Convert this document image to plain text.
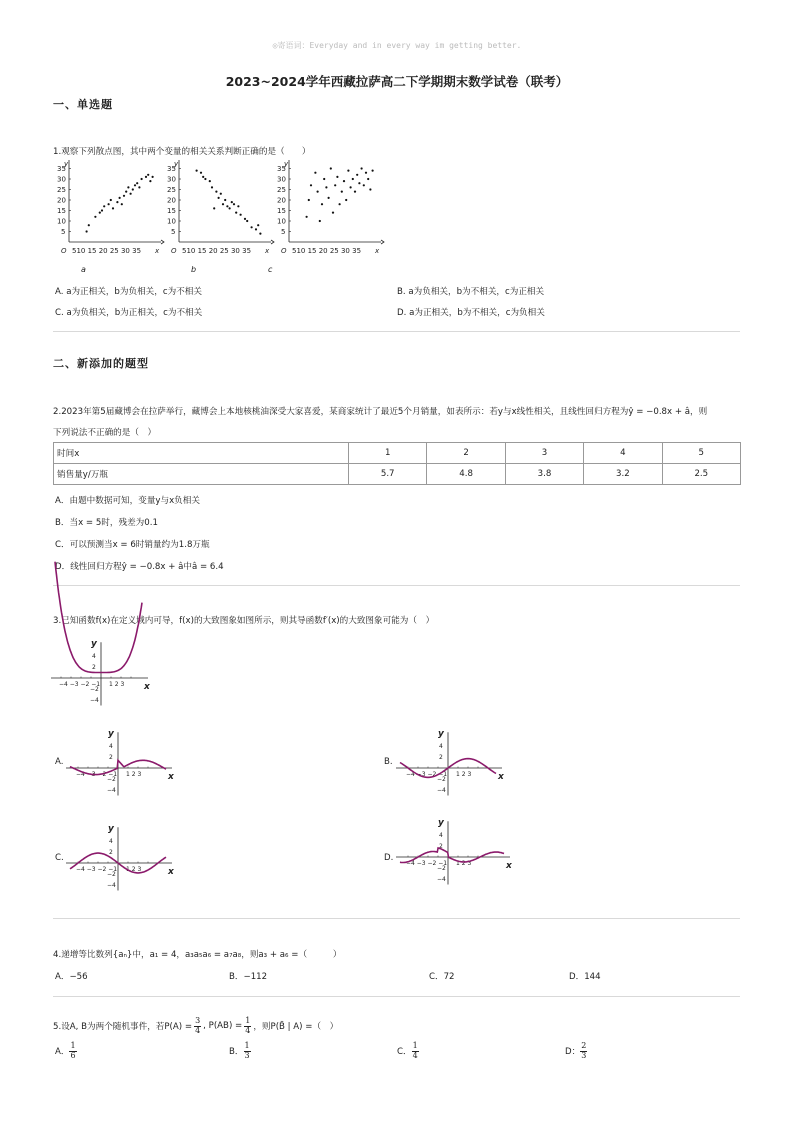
◎寄语词：Everyday and in every way im getting better.
2023~2024学年西藏拉萨高二下学期期末数学试卷（联考）
一、单选题
1.观察下列散点图，其中两个变量的相关关系判断正确的是（　　）
y
x
O 510 15 20 25 30 35
35
30
25
20
15
10
5
a
y
x
O 510 15 20 25 30 35
35
30
25
20
15
10
5
b	c
y
x
O 510 15 20 25 30 35
35
30
25
20
15
10
5
A. a为正相关，b为负相关，c为不相关	B. a为负相关，b为不相关，c为正相关
C. a为负相关，b为正相关，c为不相关	D. a为正相关，b为不相关，c为负相关
二、新添加的题型
2.2023年第5届藏博会在拉萨举行，藏博会上本地核桃油深受大家喜爱，某商家统计了最近5个月销量，如表所示：若y与x线性相关，且线性回归方程为ŷ = −0.8x + â，则
下列说法不正确的是（　）
时间x	1	2	3	4	5
销售量y/万瓶	5.7	4.8	3.8	3.2	2.5
A．由题中数据可知，变量y与x负相关
B．当x = 5时，残差为0.1
C．可以预测当x = 6时销量约为1.8万瓶
D．线性回归方程ŷ = −0.8x + â中â = 6.4
3.已知函数f(x)在定义域内可导，f(x)的大致图象如图所示，则其导函数f′(x)的大致图象可能为（　）
y
x
4
2
−2
−4
−4 −3 −2 −1 1 2 3
A.
y
x
4
2
−2
−4
−4 −3 −2 −1 1 2 3
B.
y
x
4
2
−2
−4
−4 −3 −2 −1 1 2 3
C.
y
x
4
2
−2
−4
−4 −3 −2 −1 1 2 3
D.
y
x
4
2
−2
−4
−4 −3 −2 −1 1 2 3
4.递增等比数列{aₙ}中，a₁ = 4，a₃a₅a₆ = a₇a₈，则a₃ + a₆ =（　　　）
A．−56	B．−112	C．72	D．144
5.设A, B为两个随机事件，若$P(A) = \frac{3}{4}$ , $P(AB) = \frac{1}{4}$ ，则P(B̄ | A) =（　）
A． $\frac{1}{6}$	B． $\frac{1}{3}$	C． $\frac{1}{4}$	D： $\frac{2}{3}$
